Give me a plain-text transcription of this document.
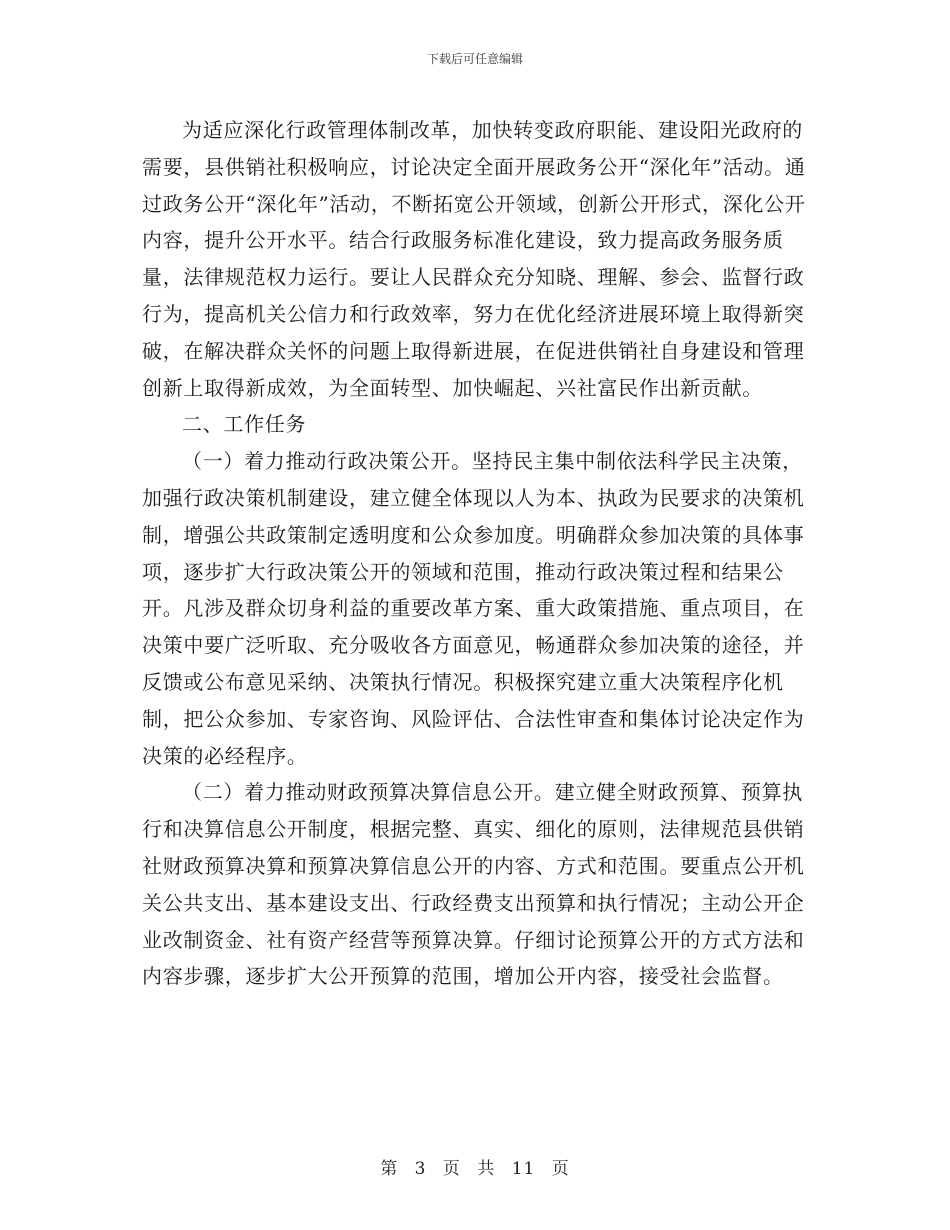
下载后可任意编辑

为适应深化行政管理体制改革，加快转变政府职能、建设阳光政府的需要，县供销社积极响应，讨论决定全面开展政务公开“深化年”活动。通过政务公开“深化年”活动，不断拓宽公开领域，创新公开形式，深化公开内容，提升公开水平。结合行政服务标准化建设，致力提高政务服务质量，法律规范权力运行。要让人民群众充分知晓、理解、参会、监督行政行为，提高机关公信力和行政效率，努力在优化经济进展环境上取得新突破，在解决群众关怀的问题上取得新进展，在促进供销社自身建设和管理创新上取得新成效，为全面转型、加快崛起、兴社富民作出新贡献。

二、工作任务

（一）着力推动行政决策公开。坚持民主集中制依法科学民主决策，加强行政决策机制建设，建立健全体现以人为本、执政为民要求的决策机制，增强公共政策制定透明度和公众参加度。明确群众参加决策的具体事项，逐步扩大行政决策公开的领域和范围，推动行政决策过程和结果公开。凡涉及群众切身利益的重要改革方案、重大政策措施、重点项目，在决策中要广泛听取、充分吸收各方面意见，畅通群众参加决策的途径，并反馈或公布意见采纳、决策执行情况。积极探究建立重大决策程序化机制，把公众参加、专家咨询、风险评估、合法性审查和集体讨论决定作为决策的必经程序。

（二）着力推动财政预算决算信息公开。建立健全财政预算、预算执行和决算信息公开制度，根据完整、真实、细化的原则，法律规范县供销社财政预算决算和预算决算信息公开的内容、方式和范围。要重点公开机关公共支出、基本建设支出、行政经费支出预算和执行情况；主动公开企业改制资金、社有资产经营等预算决算。仔细讨论预算公开的方式方法和内容步骤，逐步扩大公开预算的范围，增加公开内容，接受社会监督。

第 3 页 共 11 页
